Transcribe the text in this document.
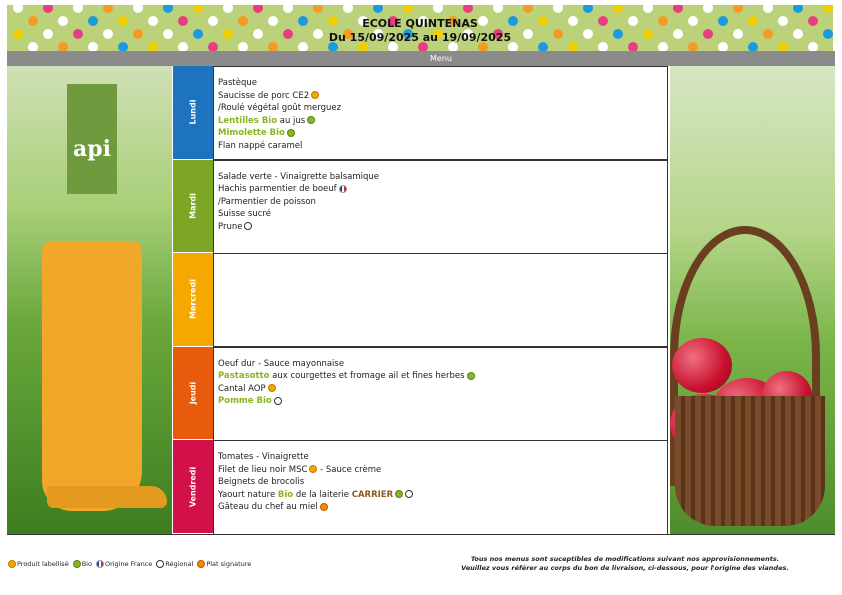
ECOLE QUINTENAS
Du 15/09/2025 au 19/09/2025
Menu
api
Lundi
Pastèque
Saucisse de porc CE2
/Roulé végétal goût merguez
Lentilles Bio au jus
Mimolette Bio
Flan nappé caramel
Mardi
Salade verte - Vinaigrette balsamique
Hachis parmentier de boeuf
/Parmentier de poisson
Suisse sucré
Prune
Mercredi
Jeudi
Oeuf dur - Sauce mayonnaise
Pastasotto aux courgettes et fromage ail et fines herbes
Cantal AOP
Pomme Bio
Vendredi
Tomates - Vinaigrette
Filet de lieu noir MSC - Sauce crème
Beignets de brocolis
Yaourt nature Bio de la laiterie CARRIER
Gâteau du chef au miel
Produit labellisé Bio Origine France Régional Plat signature
Tous nos menus sont suceptibles de modifications suivant nos approvisionnements.
Veuillez vous référer au corps du bon de livraison, ci-dessous, pour l'origine des viandes.
